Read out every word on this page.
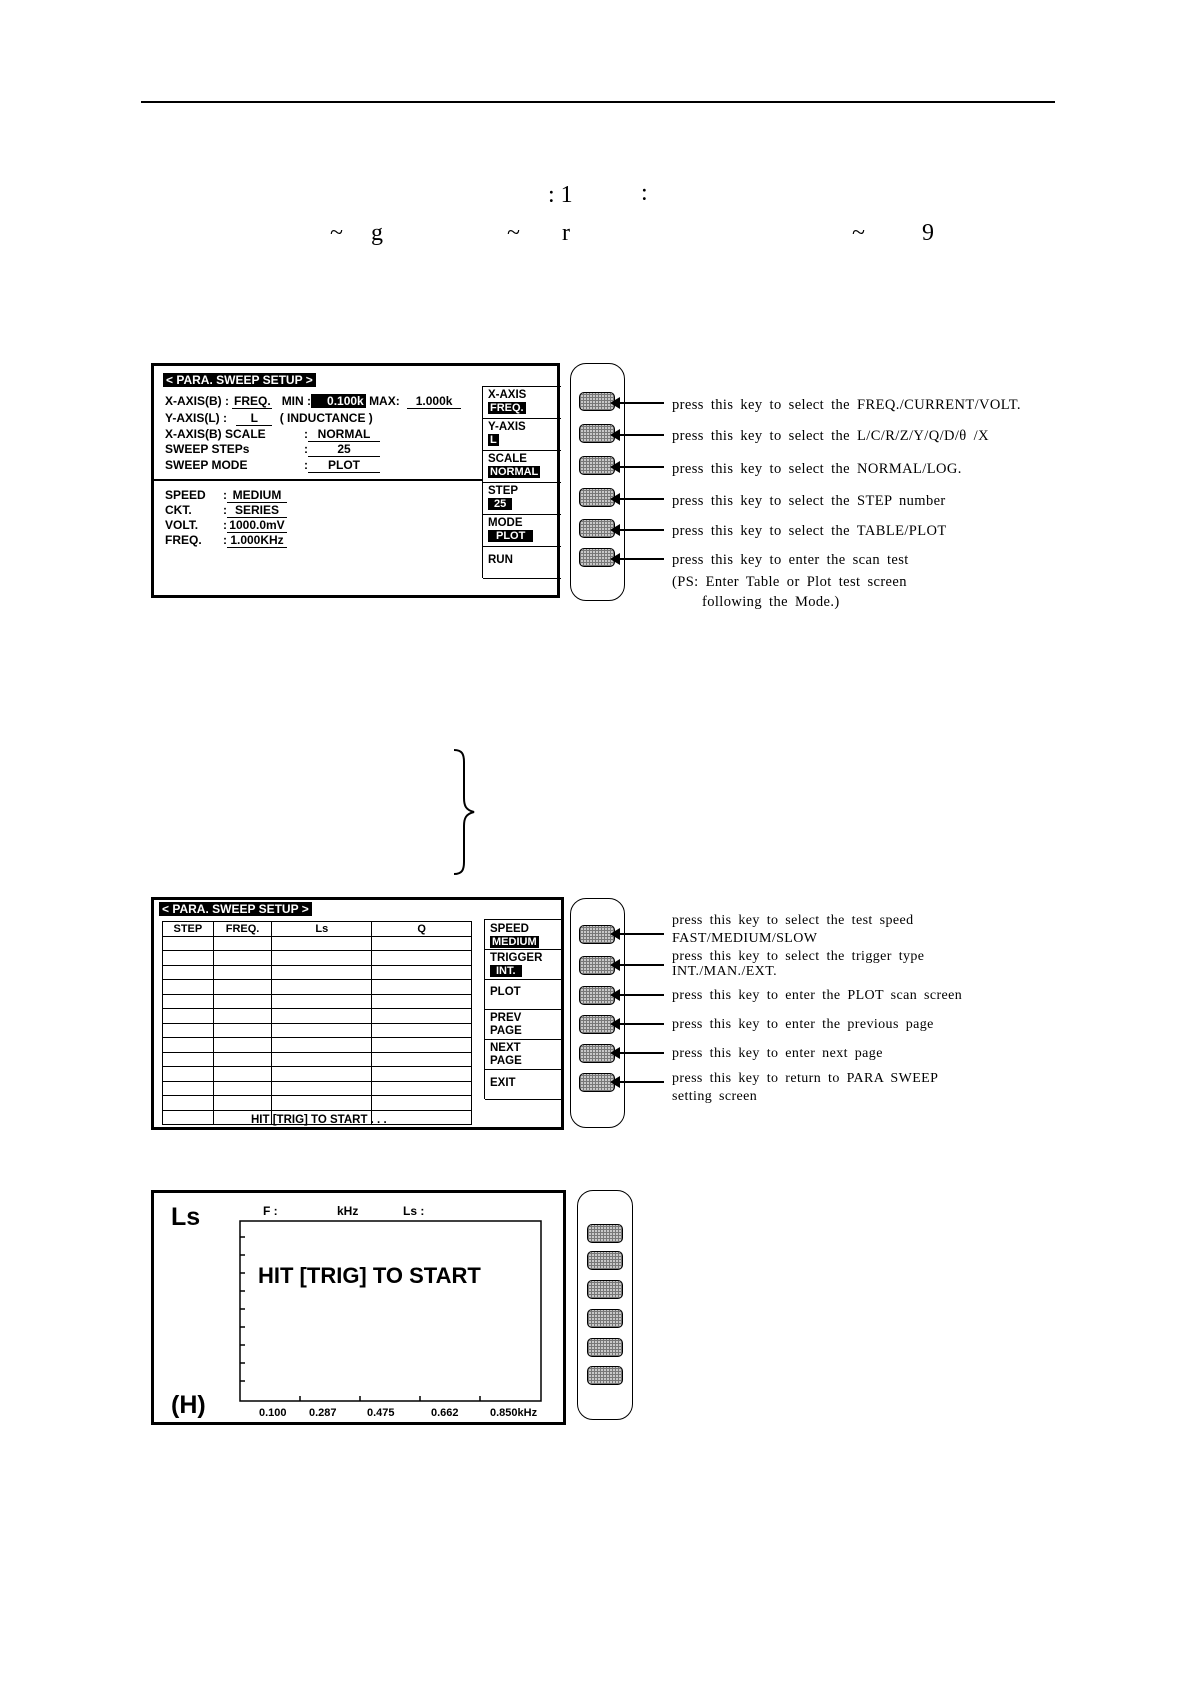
: 1	:
~ g	~ r	~ 9
< PARA. SWEEP SETUP >
X-AXIS(B) : FREQ. MIN : 0.100k MAX: 1.000k
Y-AXIS(L) : L ( INDUCTANCE )
X-AXIS(B) SCALE	: NORMAL
SWEEP STEPs	: 25
SWEEP MODE	: PLOT
SPEED : MEDIUM
CKT.	: SERIES
VOLT. : 1000.0mV
FREQ. : 1.000KHz
X-AXIS
FREQ.
Y-AXIS
L
SCALE
NORMAL
STEP
25
MODE
PLOT
RUN
press this key to select the FREQ./CURRENT/VOLT.
press this key to select the L/C/R/Z/Y/Q/D/θ /X
press this key to select the NORMAL/LOG.
press this key to select the STEP number
press this key to select the TABLE/PLOT
press this key to enter the scan test
(PS: Enter Table or Plot test screen
following the Mode.)
< PARA. SWEEP SETUP >
STEP	FREQ.	Ls	Q

HIT [TRIG] TO START . . .
SPEED
MEDIUM
TRIGGER
INT.
PLOT
PREV
PAGE
NEXT
PAGE
EXIT
press this key to select the test speed
FAST/MEDIUM/SLOW
press this key to select the trigger type
INT./MAN./EXT.
press this key to enter the PLOT scan screen
press this key to enter the previous page
press this key to enter next page
press this key to return to PARA SWEEP
setting screen
Ls
(H)
F :	kHz	Ls :
HIT [TRIG] TO START
0.100 0.287	0.475	0.662	0.850kHz
